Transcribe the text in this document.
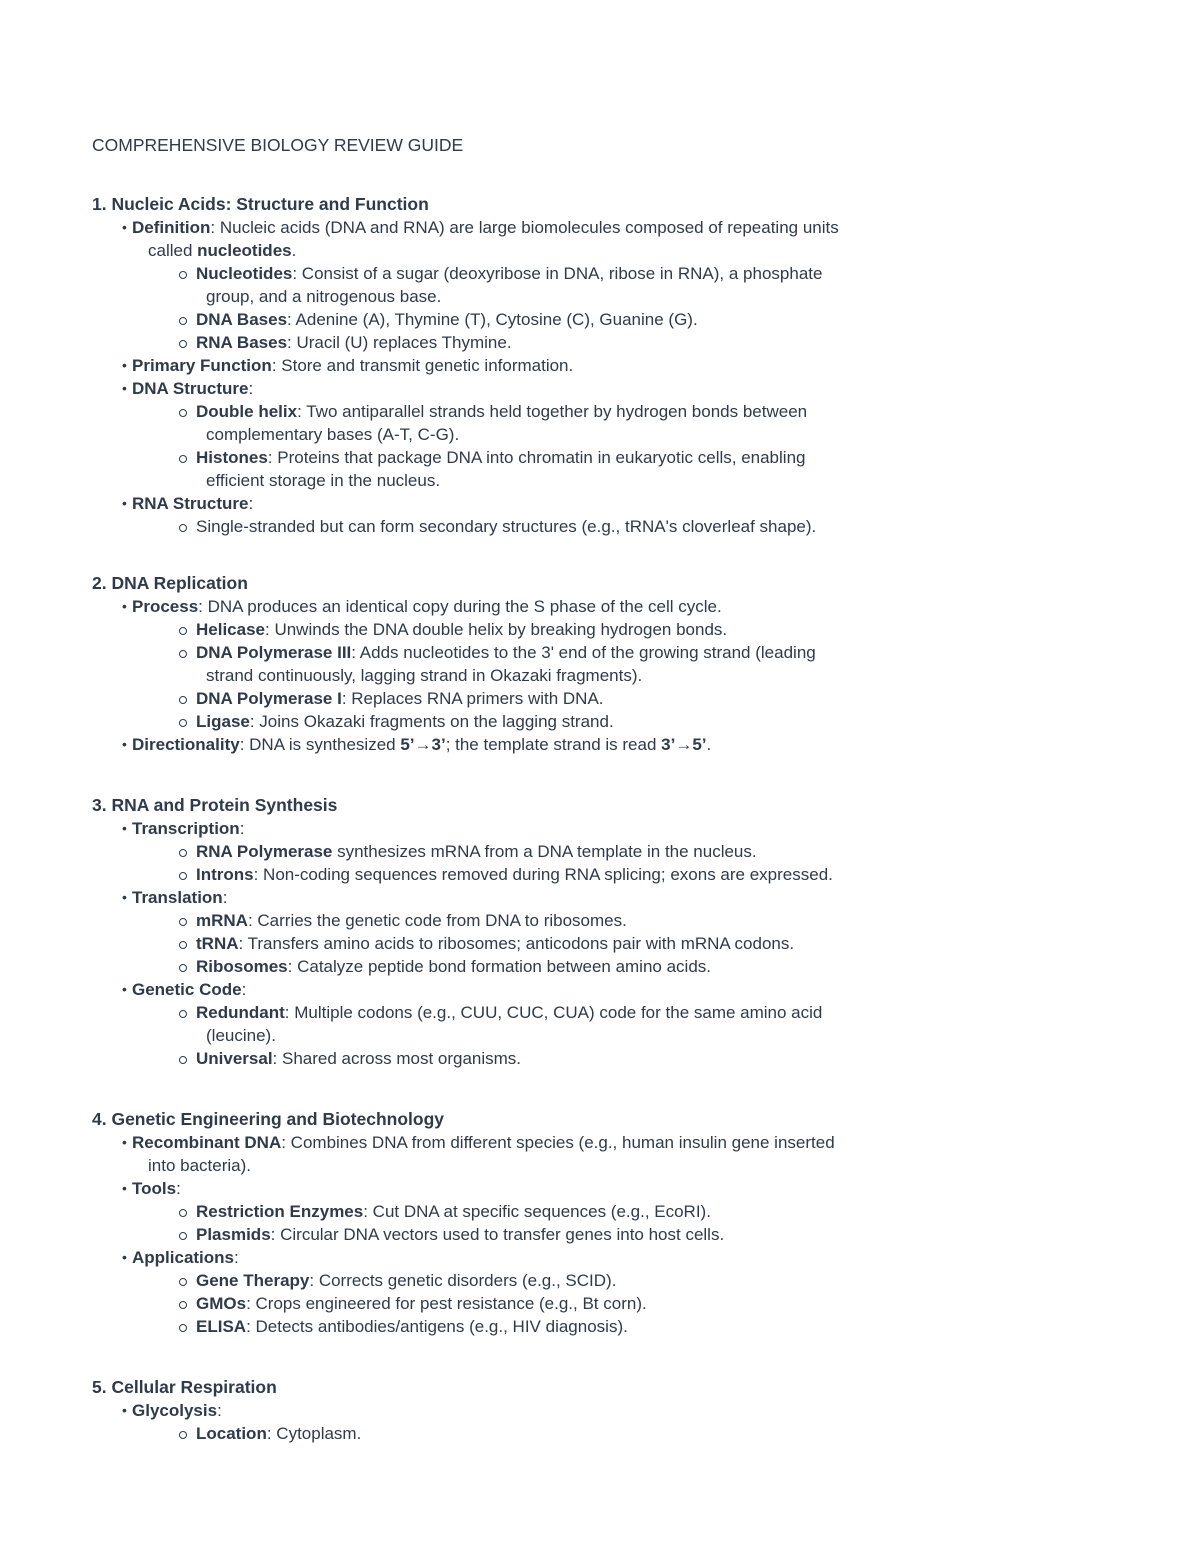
COMPREHENSIVE BIOLOGY REVIEW GUIDE

1. Nucleic Acids: Structure and Function

• Definition: Nucleic acids (DNA and RNA) are large biomolecules composed of repeating units
called nucleotides.
Nucleotides: Consist of a sugar (deoxyribose in DNA, ribose in RNA), a phosphate
group, and a nitrogenous base.
DNA Bases: Adenine (A), Thymine (T), Cytosine (C), Guanine (G).
RNA Bases: Uracil (U) replaces Thymine.
• Primary Function: Store and transmit genetic information.
• DNA Structure:
Double helix: Two antiparallel strands held together by hydrogen bonds between
complementary bases (A-T, C-G).
Histones: Proteins that package DNA into chromatin in eukaryotic cells, enabling
efficient storage in the nucleus.
• RNA Structure:
Single-stranded but can form secondary structures (e.g., tRNA's cloverleaf shape).

2. DNA Replication

• Process: DNA produces an identical copy during the S phase of the cell cycle.
Helicase: Unwinds the DNA double helix by breaking hydrogen bonds.
DNA Polymerase III: Adds nucleotides to the 3' end of the growing strand (leading
strand continuously, lagging strand in Okazaki fragments).
DNA Polymerase I: Replaces RNA primers with DNA.
Ligase: Joins Okazaki fragments on the lagging strand.
• Directionality: DNA is synthesized 5’→3’; the template strand is read 3’→5’.

3. RNA and Protein Synthesis

• Transcription:
RNA Polymerase synthesizes mRNA from a DNA template in the nucleus.
Introns: Non-coding sequences removed during RNA splicing; exons are expressed.
• Translation:
mRNA: Carries the genetic code from DNA to ribosomes.
tRNA: Transfers amino acids to ribosomes; anticodons pair with mRNA codons.
Ribosomes: Catalyze peptide bond formation between amino acids.
• Genetic Code:
Redundant: Multiple codons (e.g., CUU, CUC, CUA) code for the same amino acid
(leucine).
Universal: Shared across most organisms.

4. Genetic Engineering and Biotechnology

• Recombinant DNA: Combines DNA from different species (e.g., human insulin gene inserted
into bacteria).
• Tools:
Restriction Enzymes: Cut DNA at specific sequences (e.g., EcoRI).
Plasmids: Circular DNA vectors used to transfer genes into host cells.
• Applications:
Gene Therapy: Corrects genetic disorders (e.g., SCID).
GMOs: Crops engineered for pest resistance (e.g., Bt corn).
ELISA: Detects antibodies/antigens (e.g., HIV diagnosis).

5. Cellular Respiration

• Glycolysis:
Location: Cytoplasm.
